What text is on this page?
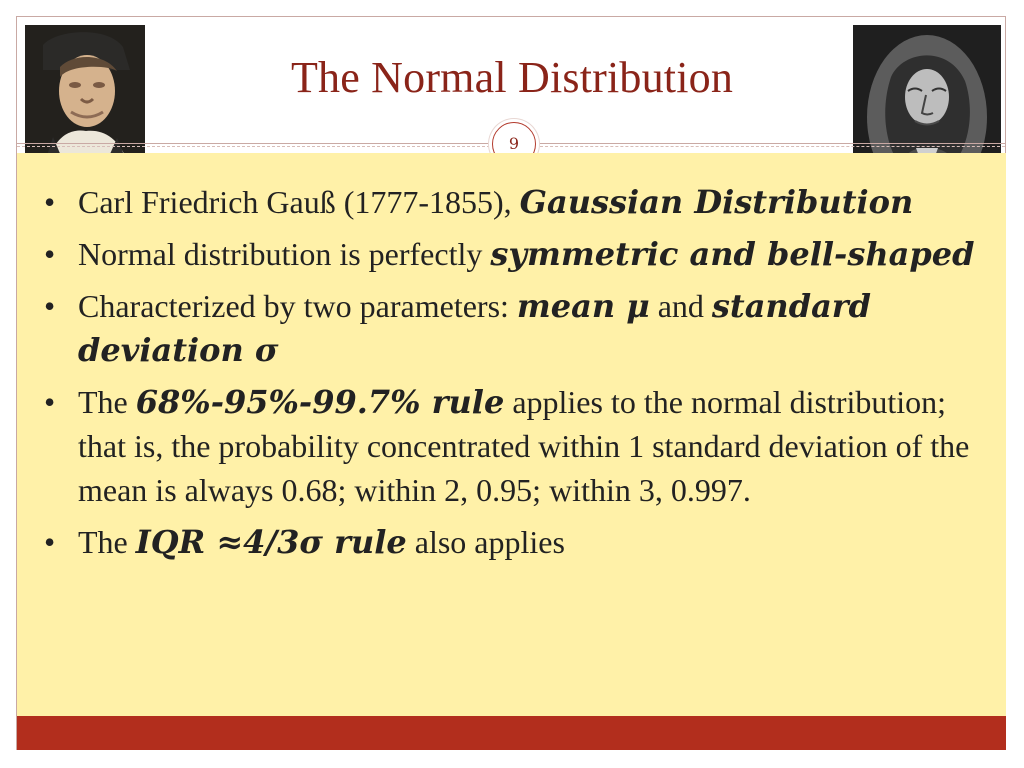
The Normal Distribution
9
• Carl Friedrich Gauß (1777-1855), Gaussian Distribution
• Normal distribution is perfectly symmetric and bell-shaped
• Characterized by two parameters: mean μ and standard deviation σ
• The 68%-95%-99.7% rule applies to the normal distribution; that is, the probability concentrated within 1 standard deviation of the mean is always 0.68; within 2, 0.95; within 3, 0.997.
• The IQR ≈4/3σ rule also applies
